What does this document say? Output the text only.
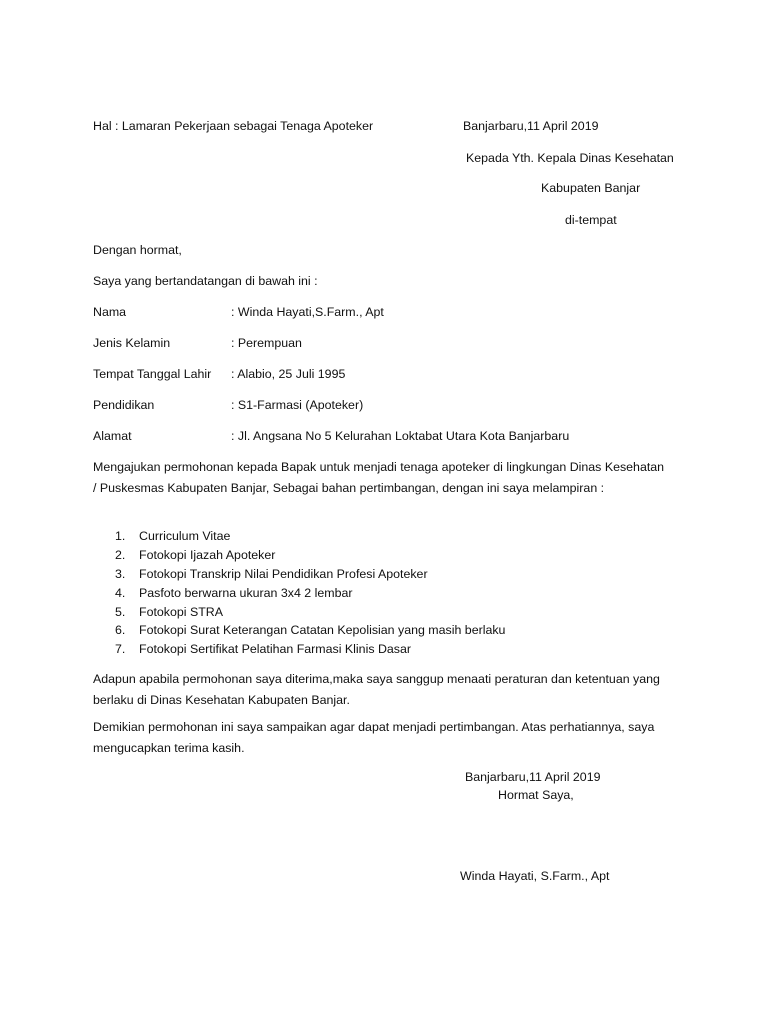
Hal : Lamaran Pekerjaan sebagai Tenaga Apoteker	Banjarbaru,11 April 2019
Kepada Yth. Kepala Dinas Kesehatan
Kabupaten Banjar
di-tempat
Dengan hormat,
Saya yang bertandatangan di bawah ini :
Nama	: Winda Hayati,S.Farm., Apt
Jenis Kelamin	: Perempuan
Tempat Tanggal Lahir : Alabio, 25 Juli 1995
Pendidikan	: S1-Farmasi (Apoteker)
Alamat	: Jl. Angsana No 5 Kelurahan Loktabat Utara Kota Banjarbaru
Mengajukan permohonan kepada Bapak untuk menjadi tenaga apoteker di lingkungan Dinas Kesehatan / Puskesmas Kabupaten Banjar, Sebagai bahan pertimbangan, dengan ini saya melampiran :
1. Curriculum Vitae
2. Fotokopi Ijazah Apoteker
3. Fotokopi Transkrip Nilai Pendidikan Profesi Apoteker
4. Pasfoto berwarna ukuran 3x4 2 lembar
5. Fotokopi STRA
6. Fotokopi Surat Keterangan Catatan Kepolisian yang masih berlaku
7. Fotokopi Sertifikat Pelatihan Farmasi Klinis Dasar
Adapun apabila permohonan saya diterima,maka saya sanggup menaati peraturan dan ketentuan yang berlaku di Dinas Kesehatan Kabupaten Banjar.
Demikian permohonan ini saya sampaikan agar dapat menjadi pertimbangan. Atas perhatiannya, saya mengucapkan terima kasih.
Banjarbaru,11 April 2019
Hormat Saya,
Winda Hayati, S.Farm., Apt
